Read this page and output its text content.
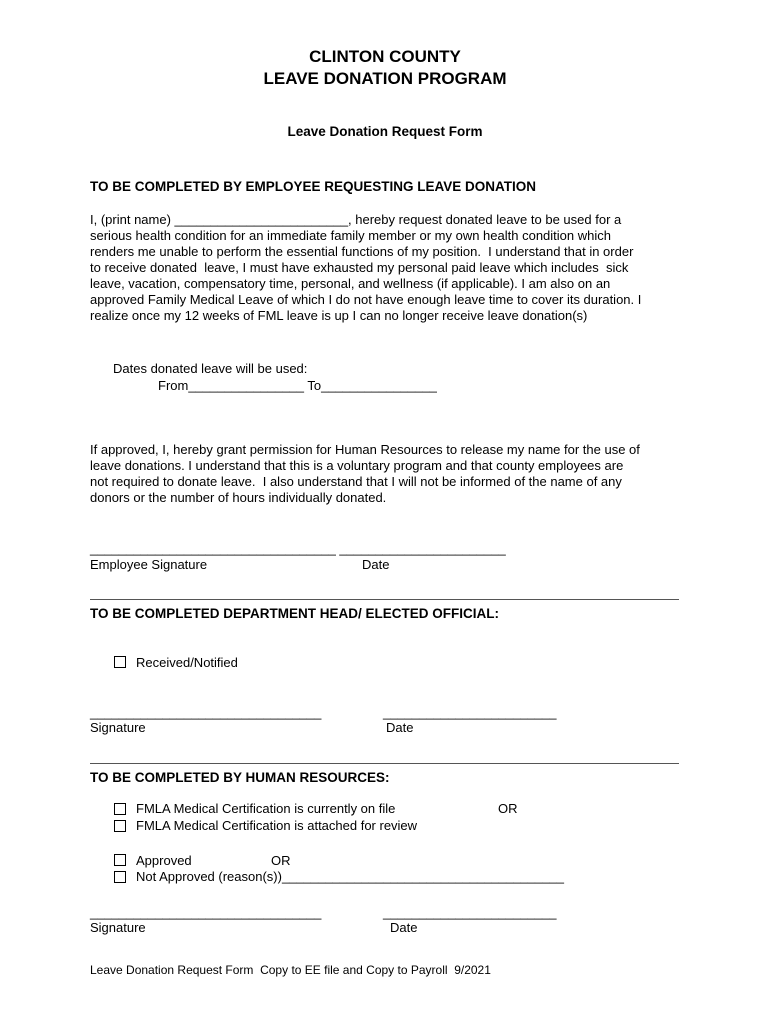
CLINTON COUNTY
LEAVE DONATION PROGRAM
Leave Donation Request Form
TO BE COMPLETED BY EMPLOYEE REQUESTING LEAVE DONATION
I, (print name) ________________________, hereby request donated leave to be used for a
serious health condition for an immediate family member or my own health condition which
renders me unable to perform the essential functions of my position.  I understand that in order
to receive donated  leave, I must have exhausted my personal paid leave which includes  sick
leave, vacation, compensatory time, personal, and wellness (if applicable). I am also on an
approved Family Medical Leave of which I do not have enough leave time to cover its duration. I
realize once my 12 weeks of FML leave is up I can no longer receive leave donation(s)
Dates donated leave will be used:
From________________ To________________
If approved, I, hereby grant permission for Human Resources to release my name for the use of
leave donations. I understand that this is a voluntary program and that county employees are
not required to donate leave.  I also understand that I will not be informed of the name of any
donors or the number of hours individually donated.
__________________________________ _______________________
Employee Signature	Date
TO BE COMPLETED DEPARTMENT HEAD/ ELECTED OFFICIAL:
Received/Notified
________________________________	________________________
Signature	Date
TO BE COMPLETED BY HUMAN RESOURCES:
FMLA Medical Certification is currently on file	OR
FMLA Medical Certification is attached for review
Approved	OR
Not Approved (reason(s))_______________________________________
________________________________	________________________
Signature	Date
Leave Donation Request Form  Copy to EE file and Copy to Payroll  9/2021
